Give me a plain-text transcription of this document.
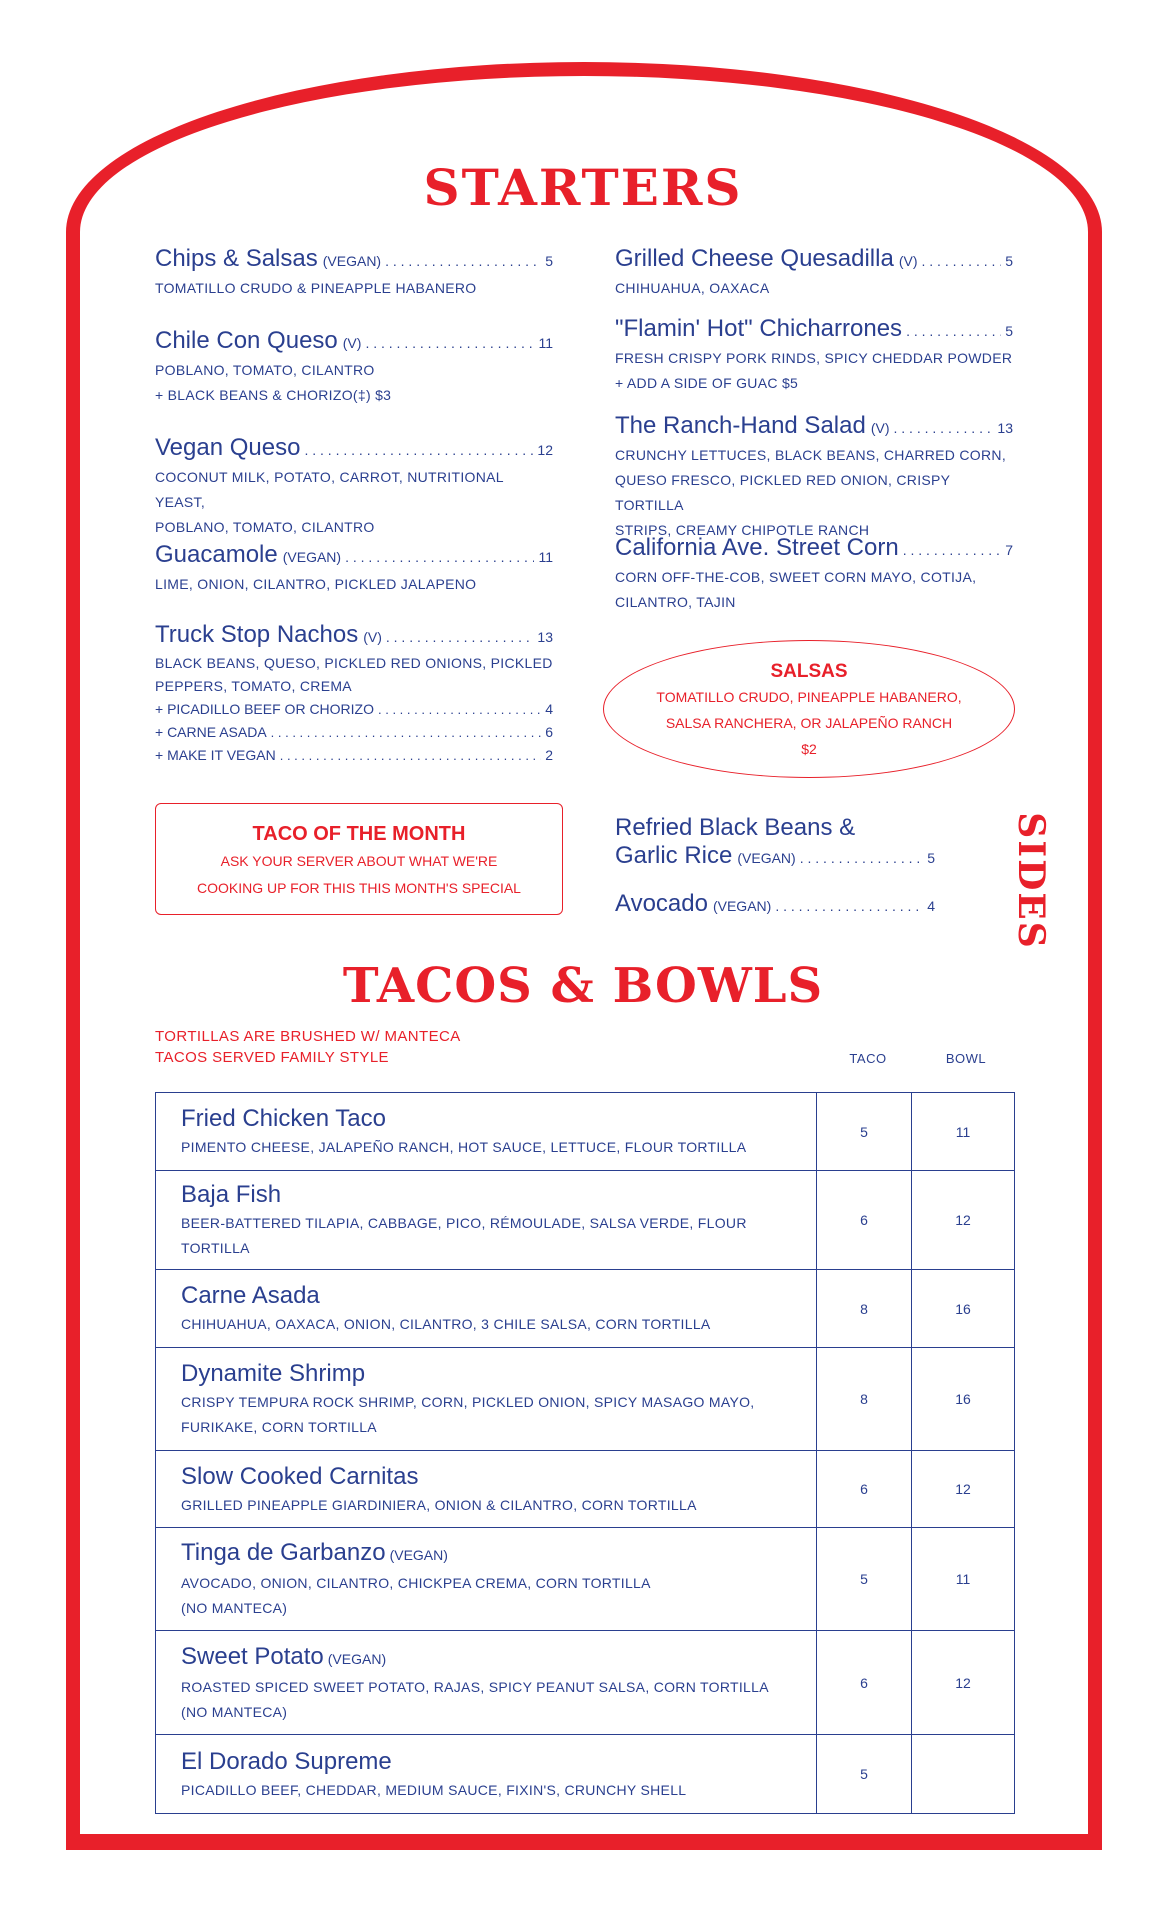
STARTERS
Chips & Salsas (VEGAN) . . .	5
TOMATILLO CRUDO & PINEAPPLE HABANERO
Chile Con Queso (V) . . .	11
POBLANO, TOMATO, CILANTRO
+ BLACK BEANS & CHORIZO(‡) $3
Vegan Queso . . .	12
COCONUT MILK, POTATO, CARROT, NUTRITIONAL YEAST,
POBLANO, TOMATO, CILANTRO
Guacamole (VEGAN) . . .	11
LIME, ONION, CILANTRO, PICKLED JALAPENO
Truck Stop Nachos (V) . . .	13
BLACK BEANS, QUESO, PICKLED RED ONIONS, PICKLED
PEPPERS, TOMATO, CREMA
+ PICADILLO BEEF OR CHORIZO . . .	4
+ CARNE ASADA . . .	6
+ MAKE IT VEGAN . . .	2
Grilled Cheese Quesadilla (V) . . .	5
CHIHUAHUA, OAXACA
"Flamin' Hot" Chicharrones . . .	5
FRESH CRISPY PORK RINDS, SPICY CHEDDAR POWDER
+ ADD A SIDE OF GUAC $5
The Ranch-Hand Salad (V) . . .	13
CRUNCHY LETTUCES, BLACK BEANS, CHARRED CORN,
QUESO FRESCO, PICKLED RED ONION, CRISPY TORTILLA
STRIPS, CREAMY CHIPOTLE RANCH
California Ave. Street Corn . . .	7
CORN OFF-THE-COB, SWEET CORN MAYO, COTIJA,
CILANTRO, TAJIN
SALSAS
TOMATILLO CRUDO, PINEAPPLE HABANERO,
SALSA RANCHERA, OR JALAPEÑO RANCH
$2
TACO OF THE MONTH
ASK YOUR SERVER ABOUT WHAT WE'RE
COOKING UP FOR THIS THIS MONTH'S SPECIAL
Refried Black Beans &
Garlic Rice (VEGAN) . . .	5
Avocado (VEGAN) . . .	4 SIDES
TACOS & BOWLS
TORTILLAS ARE BRUSHED W/ MANTECA
TACOS SERVED FAMILY STYLE	TACO	BOWL
Fried Chicken Taco
PIMENTO CHEESE, JALAPEÑO RANCH, HOT SAUCE, LETTUCE, FLOUR TORTILLA	5	11

Baja Fish
BEER-BATTERED TILAPIA, CABBAGE, PICO, RÉMOULADE, SALSA VERDE, FLOUR TORTILLA	6	12

Carne Asada
CHIHUAHUA, OAXACA, ONION, CILANTRO, 3 CHILE SALSA, CORN TORTILLA	8	16

Dynamite Shrimp
CRISPY TEMPURA ROCK SHRIMP, CORN, PICKLED ONION, SPICY MASAGO MAYO,
FURIKAKE, CORN TORTILLA	8	16

Slow Cooked Carnitas
GRILLED PINEAPPLE GIARDINIERA, ONION & CILANTRO, CORN TORTILLA	6	12

Tinga de Garbanzo (VEGAN)
AVOCADO, ONION, CILANTRO, CHICKPEA CREMA, CORN TORTILLA
(NO MANTECA)	5	11

Sweet Potato (VEGAN)
ROASTED SPICED SWEET POTATO, RAJAS, SPICY PEANUT SALSA, CORN TORTILLA
(NO MANTECA)	6	12

El Dorado Supreme
PICADILLO BEEF, CHEDDAR, MEDIUM SAUCE, FIXIN'S, CRUNCHY SHELL	5	
